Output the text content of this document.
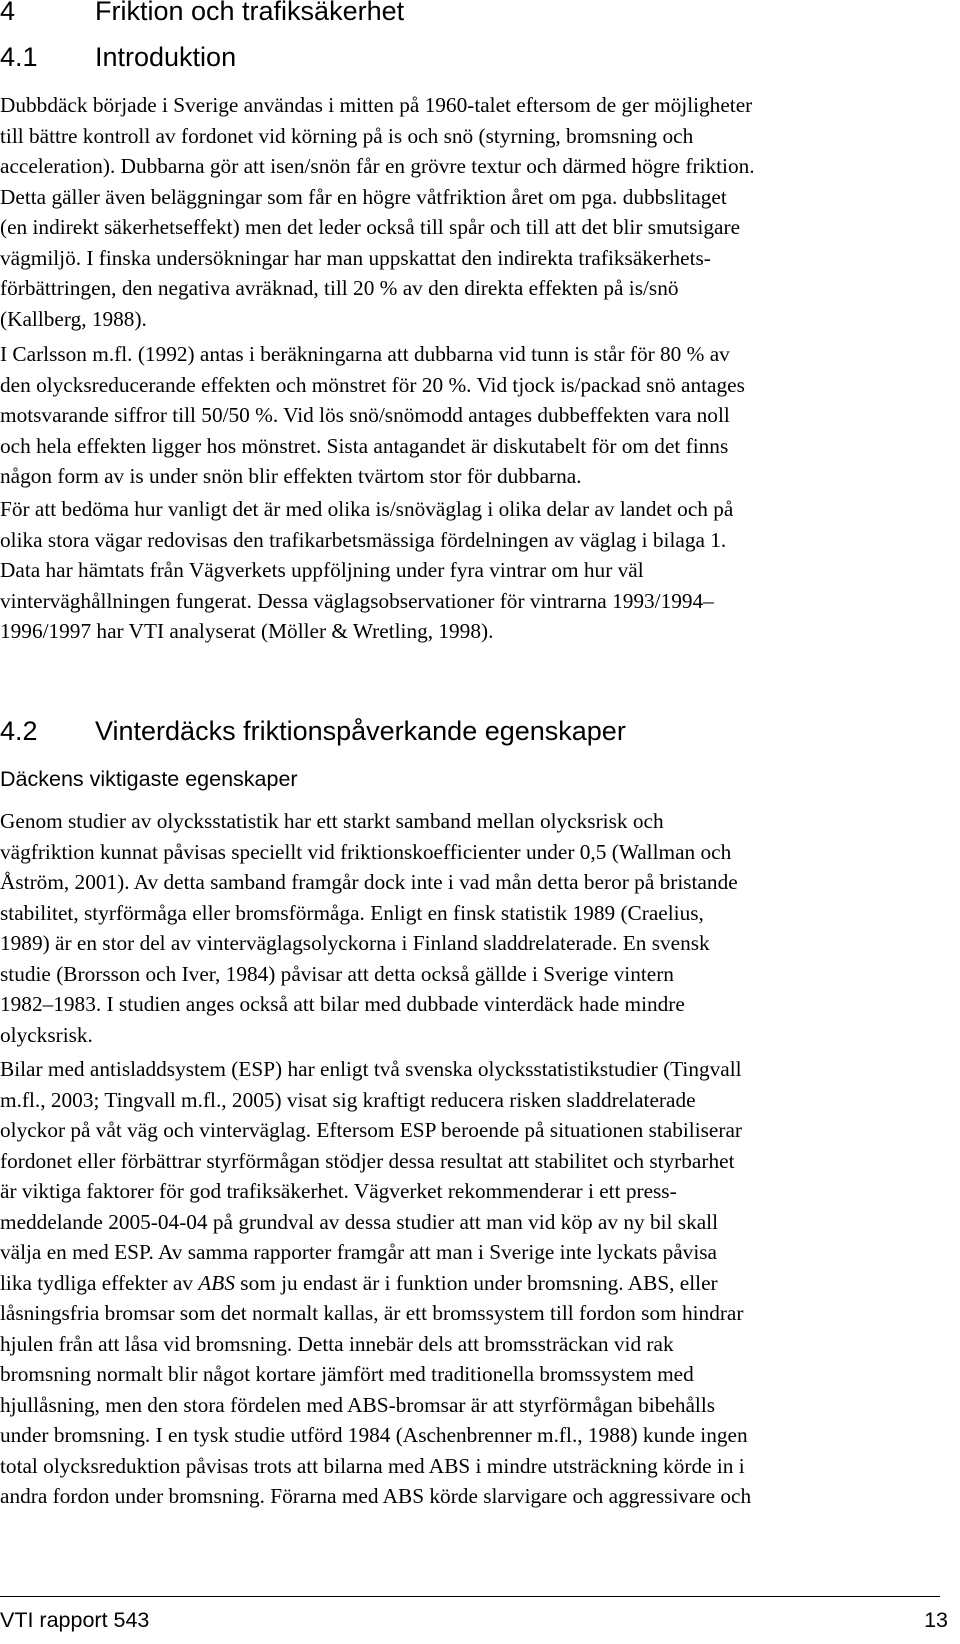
4	Friktion och trafiksäkerhet
4.1 Introduktion
Dubbdäck började i Sverige användas i mitten på 1960-talet eftersom de ger möjligheter
till bättre kontroll av fordonet vid körning på is och snö (styrning, bromsning och
acceleration). Dubbarna gör att isen/snön får en grövre textur och därmed högre friktion.
Detta gäller även beläggningar som får en högre våtfriktion året om pga. dubbslitaget
(en indirekt säkerhetseffekt) men det leder också till spår och till att det blir smutsigare
vägmiljö. I finska undersökningar har man uppskattat den indirekta trafiksäkerhets-
förbättringen, den negativa avräknad, till 20 % av den direkta effekten på is/snö
(Kallberg, 1988).
I Carlsson m.fl. (1992) antas i beräkningarna att dubbarna vid tunn is står för 80 % av
den olycksreducerande effekten och mönstret för 20 %. Vid tjock is/packad snö antages
motsvarande siffror till 50/50 %. Vid lös snö/snömodd antages dubbeffekten vara noll
och hela effekten ligger hos mönstret. Sista antagandet är diskutabelt för om det finns
någon form av is under snön blir effekten tvärtom stor för dubbarna.
För att bedöma hur vanligt det är med olika is/snöväglag i olika delar av landet och på
olika stora vägar redovisas den trafikarbetsmässiga fördelningen av väglag i bilaga 1.
Data har hämtats från Vägverkets uppföljning under fyra vintrar om hur väl
vinterväghållningen fungerat. Dessa väglagsobservationer för vintrarna 1993/1994–
1996/1997 har VTI analyserat (Möller & Wretling, 1998).
4.2 Vinterdäcks friktionspåverkande egenskaper
Däckens viktigaste egenskaper
Genom studier av olycksstatistik har ett starkt samband mellan olycksrisk och
vägfriktion kunnat påvisas speciellt vid friktionskoefficienter under 0,5 (Wallman och
Åström, 2001). Av detta samband framgår dock inte i vad mån detta beror på bristande
stabilitet, styrförmåga eller bromsförmåga. Enligt en finsk statistik 1989 (Craelius,
1989) är en stor del av vinterväglagsolyckorna i Finland sladdrelaterade. En svensk
studie (Brorsson och Iver, 1984) påvisar att detta också gällde i Sverige vintern
1982–1983. I studien anges också att bilar med dubbade vinterdäck hade mindre
olycksrisk.
Bilar med antisladdsystem (ESP) har enligt två svenska olycksstatistikstudier (Tingvall
m.fl., 2003; Tingvall m.fl., 2005) visat sig kraftigt reducera risken sladdrelaterade
olyckor på våt väg och vinterväglag. Eftersom ESP beroende på situationen stabiliserar
fordonet eller förbättrar styrförmågan stödjer dessa resultat att stabilitet och styrbarhet
är viktiga faktorer för god trafiksäkerhet. Vägverket rekommenderar i ett press-
meddelande 2005-04-04 på grundval av dessa studier att man vid köp av ny bil skall
välja en med ESP. Av samma rapporter framgår att man i Sverige inte lyckats påvisa
lika tydliga effekter av ABS som ju endast är i funktion under bromsning. ABS, eller
låsningsfria bromsar som det normalt kallas, är ett bromssystem till fordon som hindrar
hjulen från att låsa vid bromsning. Detta innebär dels att bromssträckan vid rak
bromsning normalt blir något kortare jämfört med traditionella bromssystem med
hjullåsning, men den stora fördelen med ABS-bromsar är att styrförmågan bibehålls
under bromsning. I en tysk studie utförd 1984 (Aschenbrenner m.fl., 1988) kunde ingen
total olycksreduktion påvisas trots att bilarna med ABS i mindre utsträckning körde in i
andra fordon under bromsning. Förarna med ABS körde slarvigare och aggressivare och
VTI rapport 543	13
